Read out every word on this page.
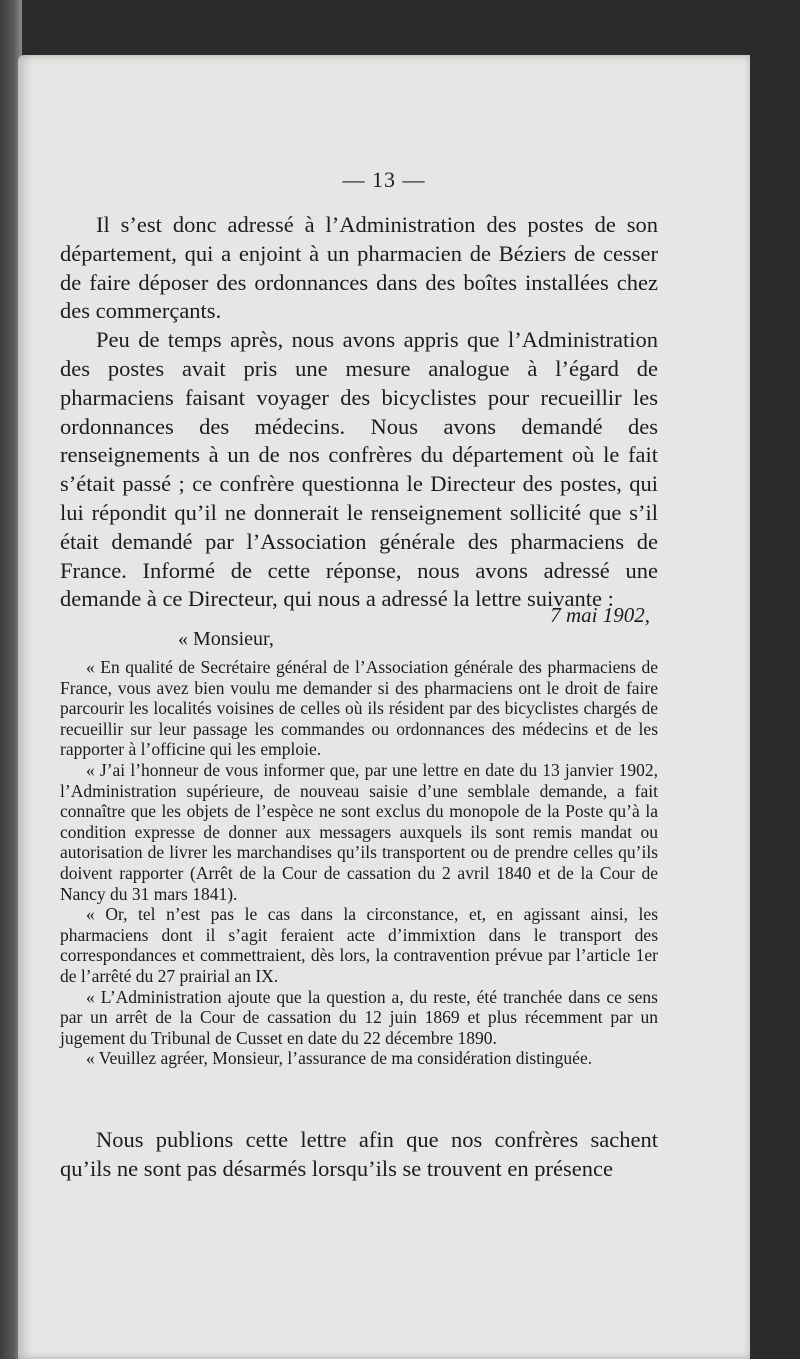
— 13 —

Il s’est donc adressé à l’Administration des postes de son département, qui a enjoint à un pharmacien de Béziers de cesser de faire déposer des ordonnances dans des boîtes installées chez des commerçants.

Peu de temps après, nous avons appris que l’Administration des postes avait pris une mesure analogue à l’égard de pharmaciens faisant voyager des bicyclistes pour recueillir les ordonnances des médecins. Nous avons demandé des renseignements à un de nos confrères du département où le fait s’était passé ; ce confrère questionna le Directeur des postes, qui lui répondit qu’il ne donnerait le renseignement sollicité que s’il était demandé par l’Association générale des pharmaciens de France. Informé de cette réponse, nous avons adressé une demande à ce Directeur, qui nous a adressé la lettre suivante :

7 mai 1902,

« Monsieur,

« En qualité de Secrétaire général de l’Association générale des pharmaciens de France, vous avez bien voulu me demander si des pharmaciens ont le droit de faire parcourir les localités voisines de celles où ils résident par des bicyclistes chargés de recueillir sur leur passage les commandes ou ordonnances des médecins et de les rapporter à l’officine qui les emploie.

« J’ai l’honneur de vous informer que, par une lettre en date du 13 janvier 1902, l’Administration supérieure, de nouveau saisie d’une semblale demande, a fait connaître que les objets de l’espèce ne sont exclus du monopole de la Poste qu’à la condition expresse de donner aux messagers auxquels ils sont remis mandat ou autorisation de livrer les marchandises qu’ils transportent ou de prendre celles qu’ils doivent rapporter (Arrêt de la Cour de cassation du 2 avril 1840 et de la Cour de Nancy du 31 mars 1841).

« Or, tel n’est pas le cas dans la circonstance, et, en agissant ainsi, les pharmaciens dont il s’agit feraient acte d’immixtion dans le transport des correspondances et commettraient, dès lors, la contravention prévue par l’article 1er de l’arrêté du 27 prairial an IX.

« L’Administration ajoute que la question a, du reste, été tranchée dans ce sens par un arrêt de la Cour de cassation du 12 juin 1869 et plus récemment par un jugement du Tribunal de Cusset en date du 22 décembre 1890.

« Veuillez agréer, Monsieur, l’assurance de ma considération distinguée.

Nous publions cette lettre afin que nos confrères sachent qu’ils ne sont pas désarmés lorsqu’ils se trouvent en présence
